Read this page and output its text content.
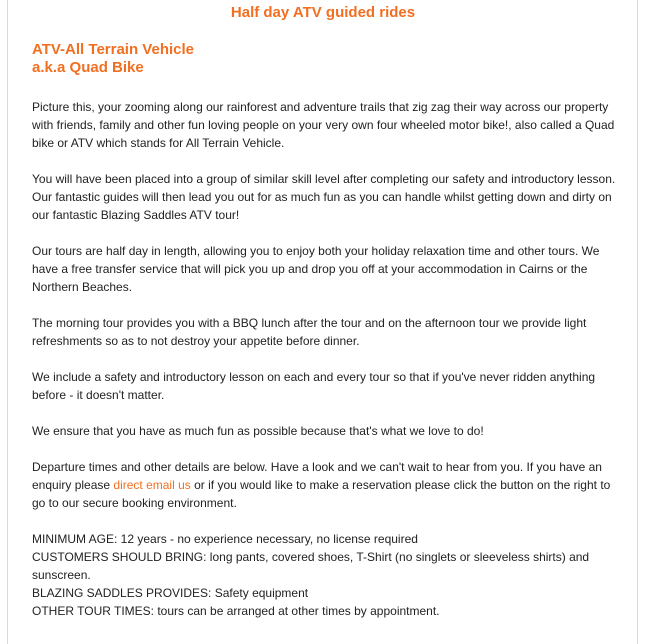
Half day ATV guided rides
ATV-All Terrain Vehicle
a.k.a Quad Bike

Picture this, your zooming along our rainforest and adventure trails that zig zag their way across our property with friends, family and other fun loving people on your very own four wheeled motor bike!, also called a Quad bike or ATV which stands for All Terrain Vehicle.

You will have been placed into a group of similar skill level after completing our safety and introductory lesson. Our fantastic guides will then lead you out for as much fun as you can handle whilst getting down and dirty on our fantastic Blazing Saddles ATV tour!

Our tours are half day in length, allowing you to enjoy both your holiday relaxation time and other tours. We have a free transfer service that will pick you up and drop you off at your accommodation in Cairns or the Northern Beaches.

The morning tour provides you with a BBQ lunch after the tour and on the afternoon tour we provide light refreshments so as to not destroy your appetite before dinner.

We include a safety and introductory lesson on each and every tour so that if you've never ridden anything before - it doesn't matter.

We ensure that you have as much fun as possible because that's what we love to do!

Departure times and other details are below. Have a look and we can't wait to hear from you. If you have an enquiry please direct email us or if you would like to make a reservation please click the button on the right to go to our secure booking environment.

MINIMUM AGE: 12 years - no experience necessary, no license required
CUSTOMERS SHOULD BRING: long pants, covered shoes, T-Shirt (no singlets or sleeveless shirts) and sunscreen.
BLAZING SADDLES PROVIDES: Safety equipment
OTHER TOUR TIMES: tours can be arranged at other times by appointment.
